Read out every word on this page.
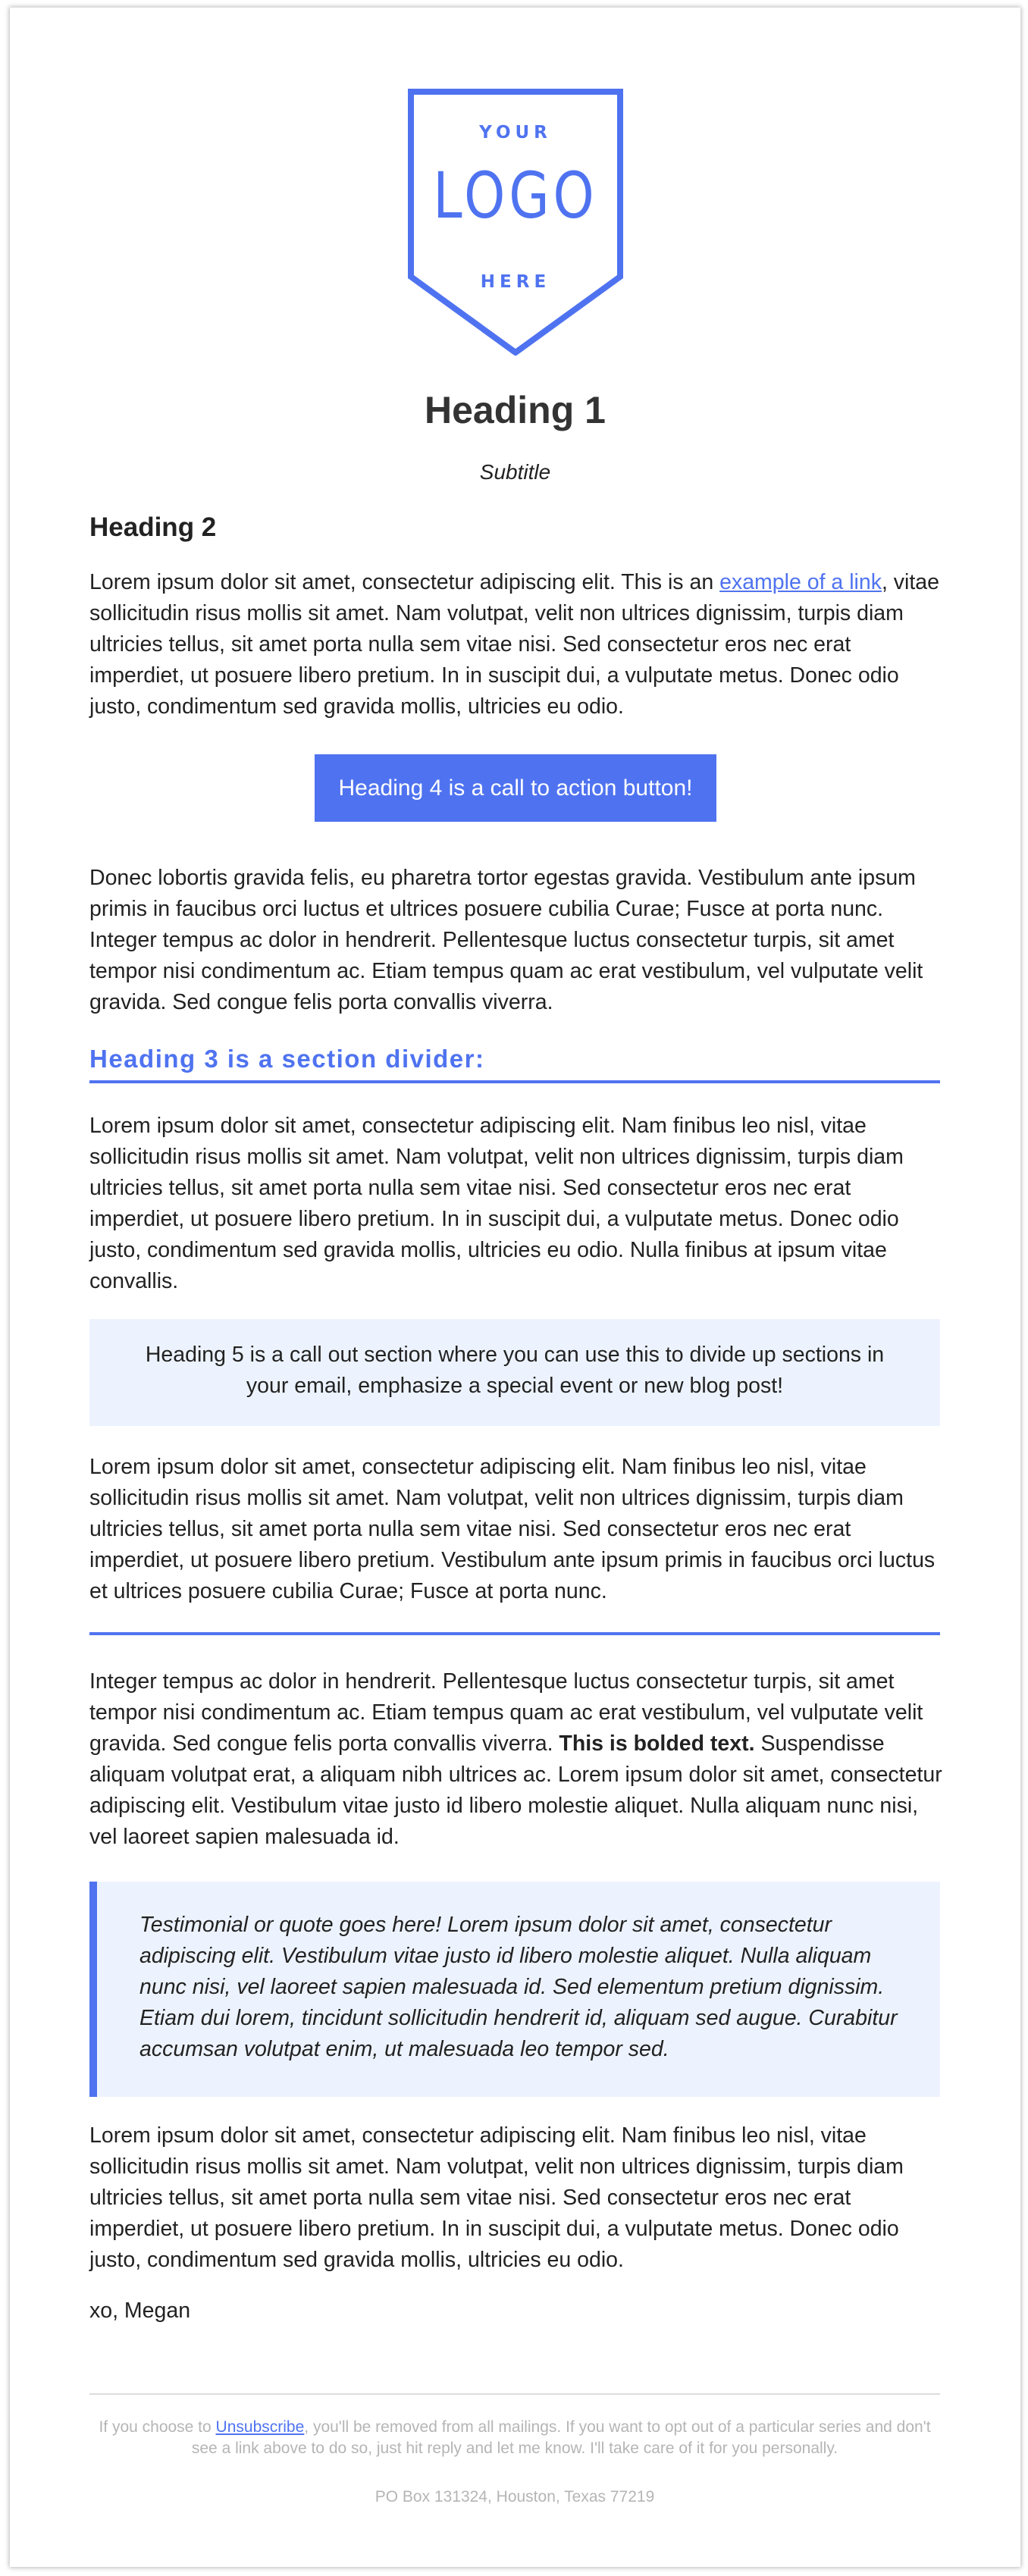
YOUR
LOGO
HERE
Heading 1
Subtitle
Heading 2
Lorem ipsum dolor sit amet, consectetur adipiscing elit. This is an example of a link, vitae sollicitudin risus mollis sit amet. Nam volutpat, velit non ultrices dignissim, turpis diam ultricies tellus, sit amet porta nulla sem vitae nisi. Sed consectetur eros nec erat imperdiet, ut posuere libero pretium. In in suscipit dui, a vulputate metus. Donec odio justo, condimentum sed gravida mollis, ultricies eu odio.
Heading 4 is a call to action button!
Donec lobortis gravida felis, eu pharetra tortor egestas gravida. Vestibulum ante ipsum primis in faucibus orci luctus et ultrices posuere cubilia Curae; Fusce at porta nunc. Integer tempus ac dolor in hendrerit. Pellentesque luctus consectetur turpis, sit amet tempor nisi condimentum ac. Etiam tempus quam ac erat vestibulum, vel vulputate velit gravida. Sed congue felis porta convallis viverra.
Heading 3 is a section divider:
Lorem ipsum dolor sit amet, consectetur adipiscing elit. Nam finibus leo nisl, vitae sollicitudin risus mollis sit amet. Nam volutpat, velit non ultrices dignissim, turpis diam ultricies tellus, sit amet porta nulla sem vitae nisi. Sed consectetur eros nec erat imperdiet, ut posuere libero pretium. In in suscipit dui, a vulputate metus. Donec odio justo, condimentum sed gravida mollis, ultricies eu odio. Nulla finibus at ipsum vitae convallis.
Heading 5 is a call out section where you can use this to divide up sections in your email, emphasize a special event or new blog post!
Lorem ipsum dolor sit amet, consectetur adipiscing elit. Nam finibus leo nisl, vitae sollicitudin risus mollis sit amet. Nam volutpat, velit non ultrices dignissim, turpis diam ultricies tellus, sit amet porta nulla sem vitae nisi. Sed consectetur eros nec erat imperdiet, ut posuere libero pretium. Vestibulum ante ipsum primis in faucibus orci luctus et ultrices posuere cubilia Curae; Fusce at porta nunc.
Integer tempus ac dolor in hendrerit. Pellentesque luctus consectetur turpis, sit amet tempor nisi condimentum ac. Etiam tempus quam ac erat vestibulum, vel vulputate velit gravida. Sed congue felis porta convallis viverra. This is bolded text. Suspendisse aliquam volutpat erat, a aliquam nibh ultrices ac. Lorem ipsum dolor sit amet, consectetur adipiscing elit. Vestibulum vitae justo id libero molestie aliquet. Nulla aliquam nunc nisi, vel laoreet sapien malesuada id.
Testimonial or quote goes here! Lorem ipsum dolor sit amet, consectetur adipiscing elit. Vestibulum vitae justo id libero molestie aliquet. Nulla aliquam nunc nisi, vel laoreet sapien malesuada id. Sed elementum pretium dignissim. Etiam dui lorem, tincidunt sollicitudin hendrerit id, aliquam sed augue. Curabitur accumsan volutpat enim, ut malesuada leo tempor sed.
Lorem ipsum dolor sit amet, consectetur adipiscing elit. Nam finibus leo nisl, vitae sollicitudin risus mollis sit amet. Nam volutpat, velit non ultrices dignissim, turpis diam ultricies tellus, sit amet porta nulla sem vitae nisi. Sed consectetur eros nec erat imperdiet, ut posuere libero pretium. In in suscipit dui, a vulputate metus. Donec odio justo, condimentum sed gravida mollis, ultricies eu odio.
xo, Megan
If you choose to Unsubscribe, you'll be removed from all mailings. If you want to opt out of a particular series and don't see a link above to do so, just hit reply and let me know. I'll take care of it for you personally.
PO Box 131324, Houston, Texas 77219
